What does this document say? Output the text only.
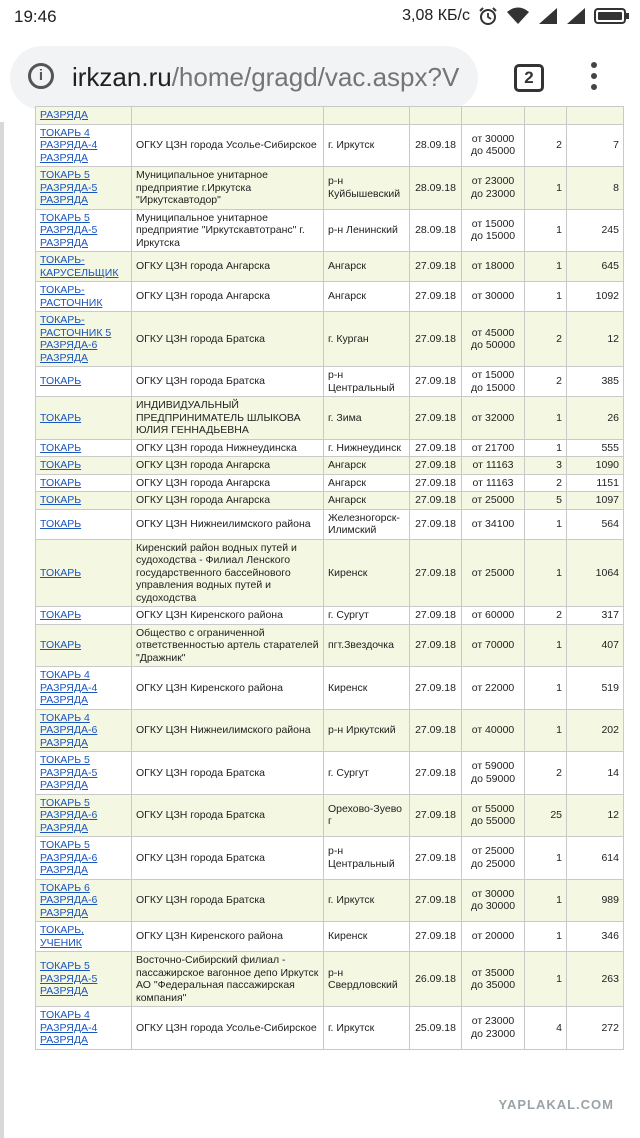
19:46	3,08 КБ/с
i	irkzan.ru/home/gragd/vac.aspx?V	2
РАЗРЯДА						
ТОКАРЬ 4 РАЗРЯДА-4 РАЗРЯДА	ОГКУ ЦЗН города Усолье-Сибирское	г. Иркутск	28.09.18	от 30000 до 45000	2	7
ТОКАРЬ 5 РАЗРЯДА-5 РАЗРЯДА	Муниципальное унитарное предприятие г.Иркутска "Иркутскавтодор"	р-н Куйбышевский	28.09.18	от 23000 до 23000	1	8
ТОКАРЬ 5 РАЗРЯДА-5 РАЗРЯДА	Муниципальное унитарное предприятие "Иркутскавтотранс" г. Иркутска	р-н Ленинский	28.09.18	от 15000 до 15000	1	245
ТОКАРЬ-КАРУСЕЛЬЩИК	ОГКУ ЦЗН города Ангарска	Ангарск	27.09.18	от 18000	1	645
ТОКАРЬ-РАСТОЧНИК	ОГКУ ЦЗН города Ангарска	Ангарск	27.09.18	от 30000	1	1092
ТОКАРЬ-РАСТОЧНИК 5 РАЗРЯДА-6 РАЗРЯДА	ОГКУ ЦЗН города Братска	г. Курган	27.09.18	от 45000 до 50000	2	12
ТОКАРЬ	ОГКУ ЦЗН города Братска	р-н Центральный	27.09.18	от 15000 до 15000	2	385
ТОКАРЬ	ИНДИВИДУАЛЬНЫЙ ПРЕДПРИНИМАТЕЛЬ ШЛЫКОВА ЮЛИЯ ГЕННАДЬЕВНА	г. Зима	27.09.18	от 32000	1	26
ТОКАРЬ	ОГКУ ЦЗН города Нижнеудинска	г. Нижнеудинск	27.09.18	от 21700	1	555
ТОКАРЬ	ОГКУ ЦЗН города Ангарска	Ангарск	27.09.18	от 11163	3	1090
ТОКАРЬ	ОГКУ ЦЗН города Ангарска	Ангарск	27.09.18	от 11163	2	1151
ТОКАРЬ	ОГКУ ЦЗН города Ангарска	Ангарск	27.09.18	от 25000	5	1097
ТОКАРЬ	ОГКУ ЦЗН Нижнеилимского района	Железногорск-Илимский	27.09.18	от 34100	1	564
ТОКАРЬ	Киренский район водных путей и судоходства - Филиал Ленского государственного бассейнового управления водных путей и судоходства	Киренск	27.09.18	от 25000	1	1064
ТОКАРЬ	ОГКУ ЦЗН Киренского района	г. Сургут	27.09.18	от 60000	2	317
ТОКАРЬ	Общество с ограниченной ответственностью артель старателей "Дражник"	пгт.Звездочка	27.09.18	от 70000	1	407
ТОКАРЬ 4 РАЗРЯДА-4 РАЗРЯДА	ОГКУ ЦЗН Киренского района	Киренск	27.09.18	от 22000	1	519
ТОКАРЬ 4 РАЗРЯДА-6 РАЗРЯДА	ОГКУ ЦЗН Нижнеилимского района	р-н Иркутский	27.09.18	от 40000	1	202
ТОКАРЬ 5 РАЗРЯДА-5 РАЗРЯДА	ОГКУ ЦЗН города Братска	г. Сургут	27.09.18	от 59000 до 59000	2	14
ТОКАРЬ 5 РАЗРЯДА-6 РАЗРЯДА	ОГКУ ЦЗН города Братска	Орехово-Зуево г	27.09.18	от 55000 до 55000	25	12
ТОКАРЬ 5 РАЗРЯДА-6 РАЗРЯДА	ОГКУ ЦЗН города Братска	р-н Центральный	27.09.18	от 25000 до 25000	1	614
ТОКАРЬ 6 РАЗРЯДА-6 РАЗРЯДА	ОГКУ ЦЗН города Братска	г. Иркутск	27.09.18	от 30000 до 30000	1	989
ТОКАРЬ, УЧЕНИК	ОГКУ ЦЗН Киренского района	Киренск	27.09.18	от 20000	1	346
ТОКАРЬ 5 РАЗРЯДА-5 РАЗРЯДА	Восточно-Сибирский филиал - пассажирское вагонное депо Иркутск АО "Федеральная пассажирская компания"	р-н Свердловский	26.09.18	от 35000 до 35000	1	263
ТОКАРЬ 4 РАЗРЯДА-4 РАЗРЯДА	ОГКУ ЦЗН города Усолье-Сибирское	г. Иркутск	25.09.18	от 23000 до 23000	4	272
YAPLAKAL.COM
